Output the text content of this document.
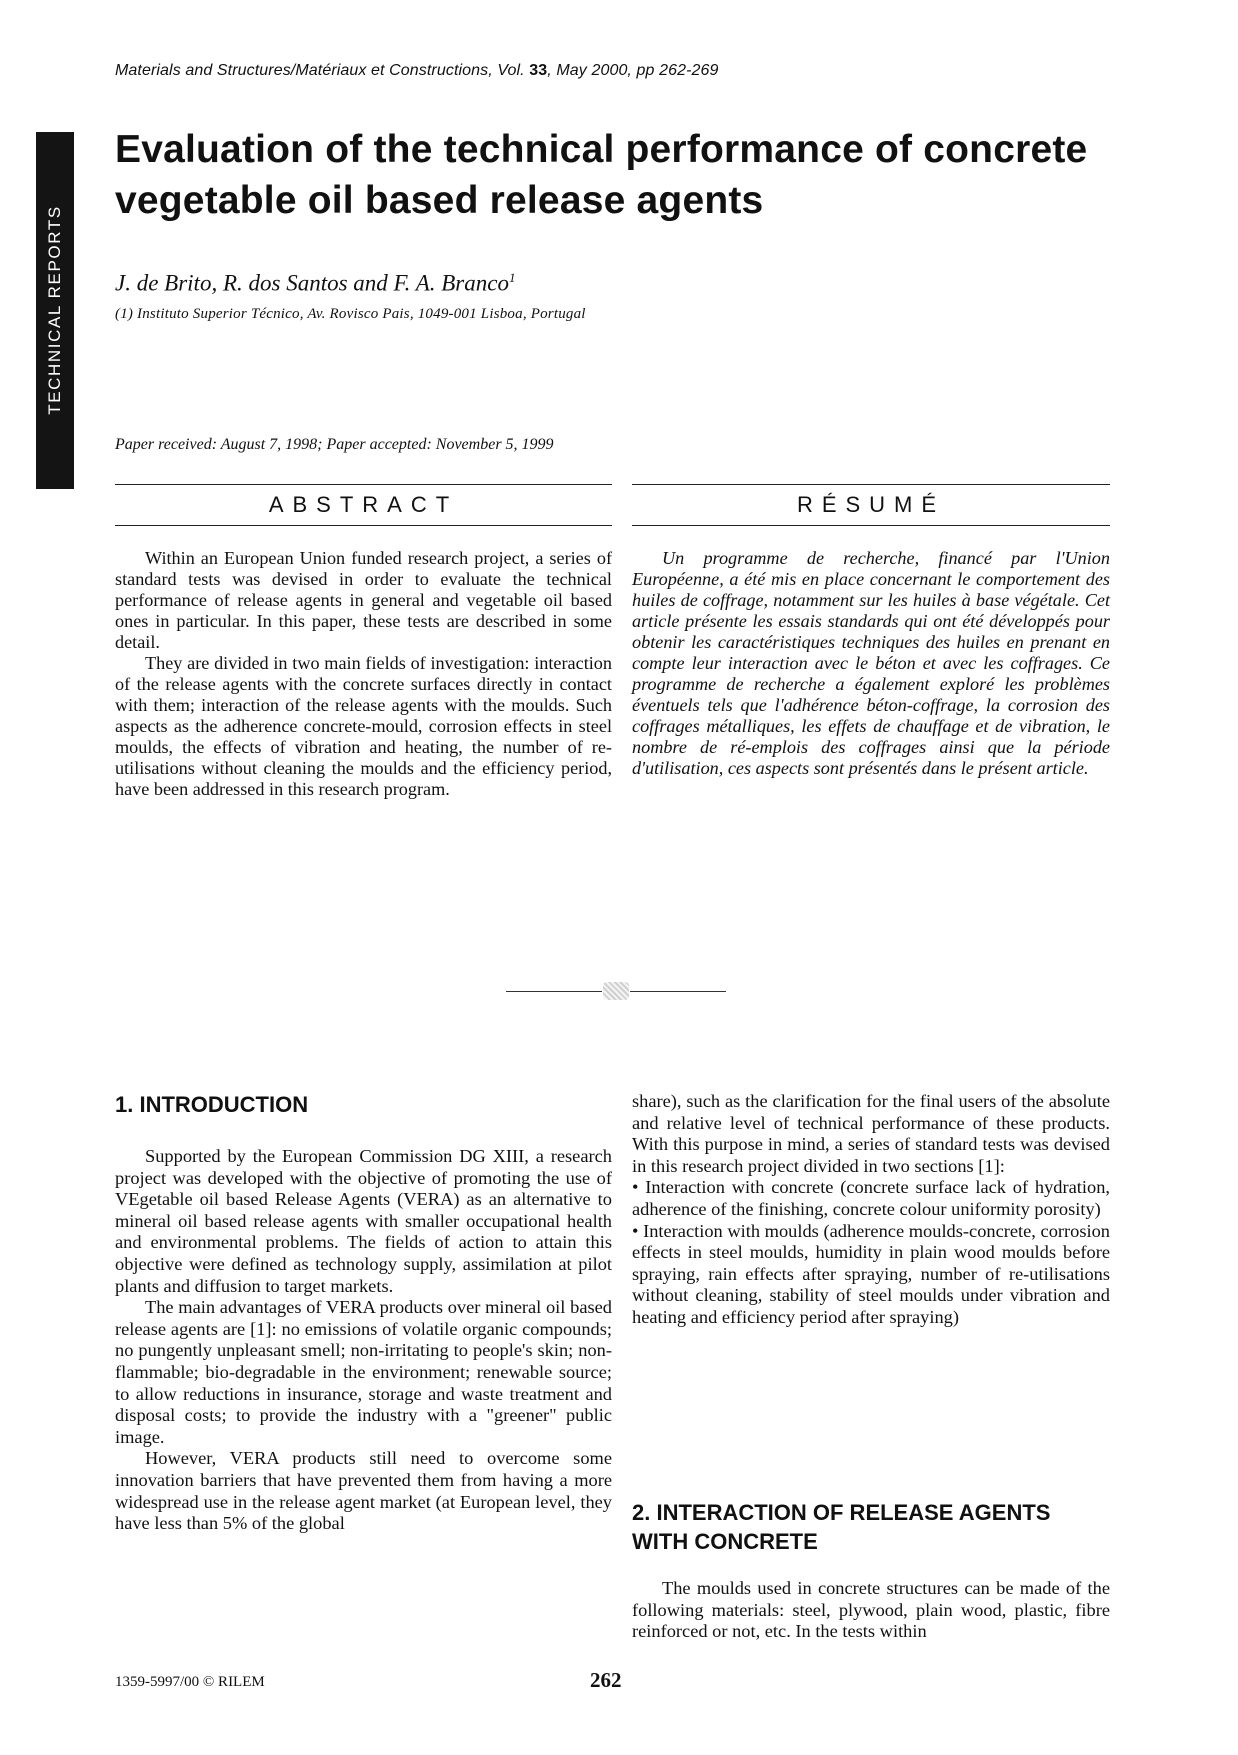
Materials and Structures/Matériaux et Constructions, Vol. 33, May 2000, pp 262-269
TECHNICAL REPORTS
Evaluation of the technical performance of concrete vegetable oil based release agents
J. de Brito, R. dos Santos and F. A. Branco$^1$
(1) Instituto Superior Técnico, Av. Rovisco Pais, 1049-001 Lisboa, Portugal
Paper received: August 7, 1998; Paper accepted: November 5, 1999
ABSTRACT

Within an European Union funded research project, a series of standard tests was devised in order to evaluate the technical performance of release agents in general and vegetable oil based ones in particular. In this paper, these tests are described in some detail.

They are divided in two main fields of investigation: interaction of the release agents with the concrete surfaces directly in contact with them; interaction of the release agents with the moulds. Such aspects as the adherence concrete-mould, corrosion effects in steel moulds, the effects of vibration and heating, the number of re-utilisations without cleaning the moulds and the efficiency period, have been addressed in this research program.

RÉSUMÉ

Un programme de recherche, financé par l'Union Européenne, a été mis en place concernant le comportement des huiles de coffrage, notamment sur les huiles à base végétale. Cet article présente les essais standards qui ont été développés pour obtenir les caractéristiques techniques des huiles en prenant en compte leur interaction avec le béton et avec les coffrages. Ce programme de recherche a également exploré les problèmes éventuels tels que l'adhérence béton-coffrage, la corrosion des coffrages métalliques, les effets de chauffage et de vibration, le nombre de ré-emplois des coffrages ainsi que la période d'utilisation, ces aspects sont présentés dans le présent article.

1. INTRODUCTION

Supported by the European Commission DG XIII, a research project was developed with the objective of promoting the use of VEgetable oil based Release Agents (VERA) as an alternative to mineral oil based release agents with smaller occupational health and environmental problems. The fields of action to attain this objective were defined as technology supply, assimilation at pilot plants and diffusion to target markets.

The main advantages of VERA products over mineral oil based release agents are [1]: no emissions of volatile organic compounds; no pungently unpleasant smell; non-irritating to people's skin; non-flammable; bio-degradable in the environment; renewable source; to allow reductions in insurance, storage and waste treatment and disposal costs; to provide the industry with a "greener" public image.

However, VERA products still need to overcome some innovation barriers that have prevented them from having a more widespread use in the release agent market (at European level, they have less than 5% of the global

share), such as the clarification for the final users of the absolute and relative level of technical performance of these products. With this purpose in mind, a series of standard tests was devised in this research project divided in two sections [1]:

• Interaction with concrete (concrete surface lack of hydration, adherence of the finishing, concrete colour uniformity porosity)

• Interaction with moulds (adherence moulds-concrete, corrosion effects in steel moulds, humidity in plain wood moulds before spraying, rain effects after spraying, number of re-utilisations without cleaning, stability of steel moulds under vibration and heating and efficiency period after spraying)

2. INTERACTION OF RELEASE AGENTS WITH CONCRETE

The moulds used in concrete structures can be made of the following materials: steel, plywood, plain wood, plastic, fibre reinforced or not, etc. In the tests within

1359-5997/00 © RILEM	262
